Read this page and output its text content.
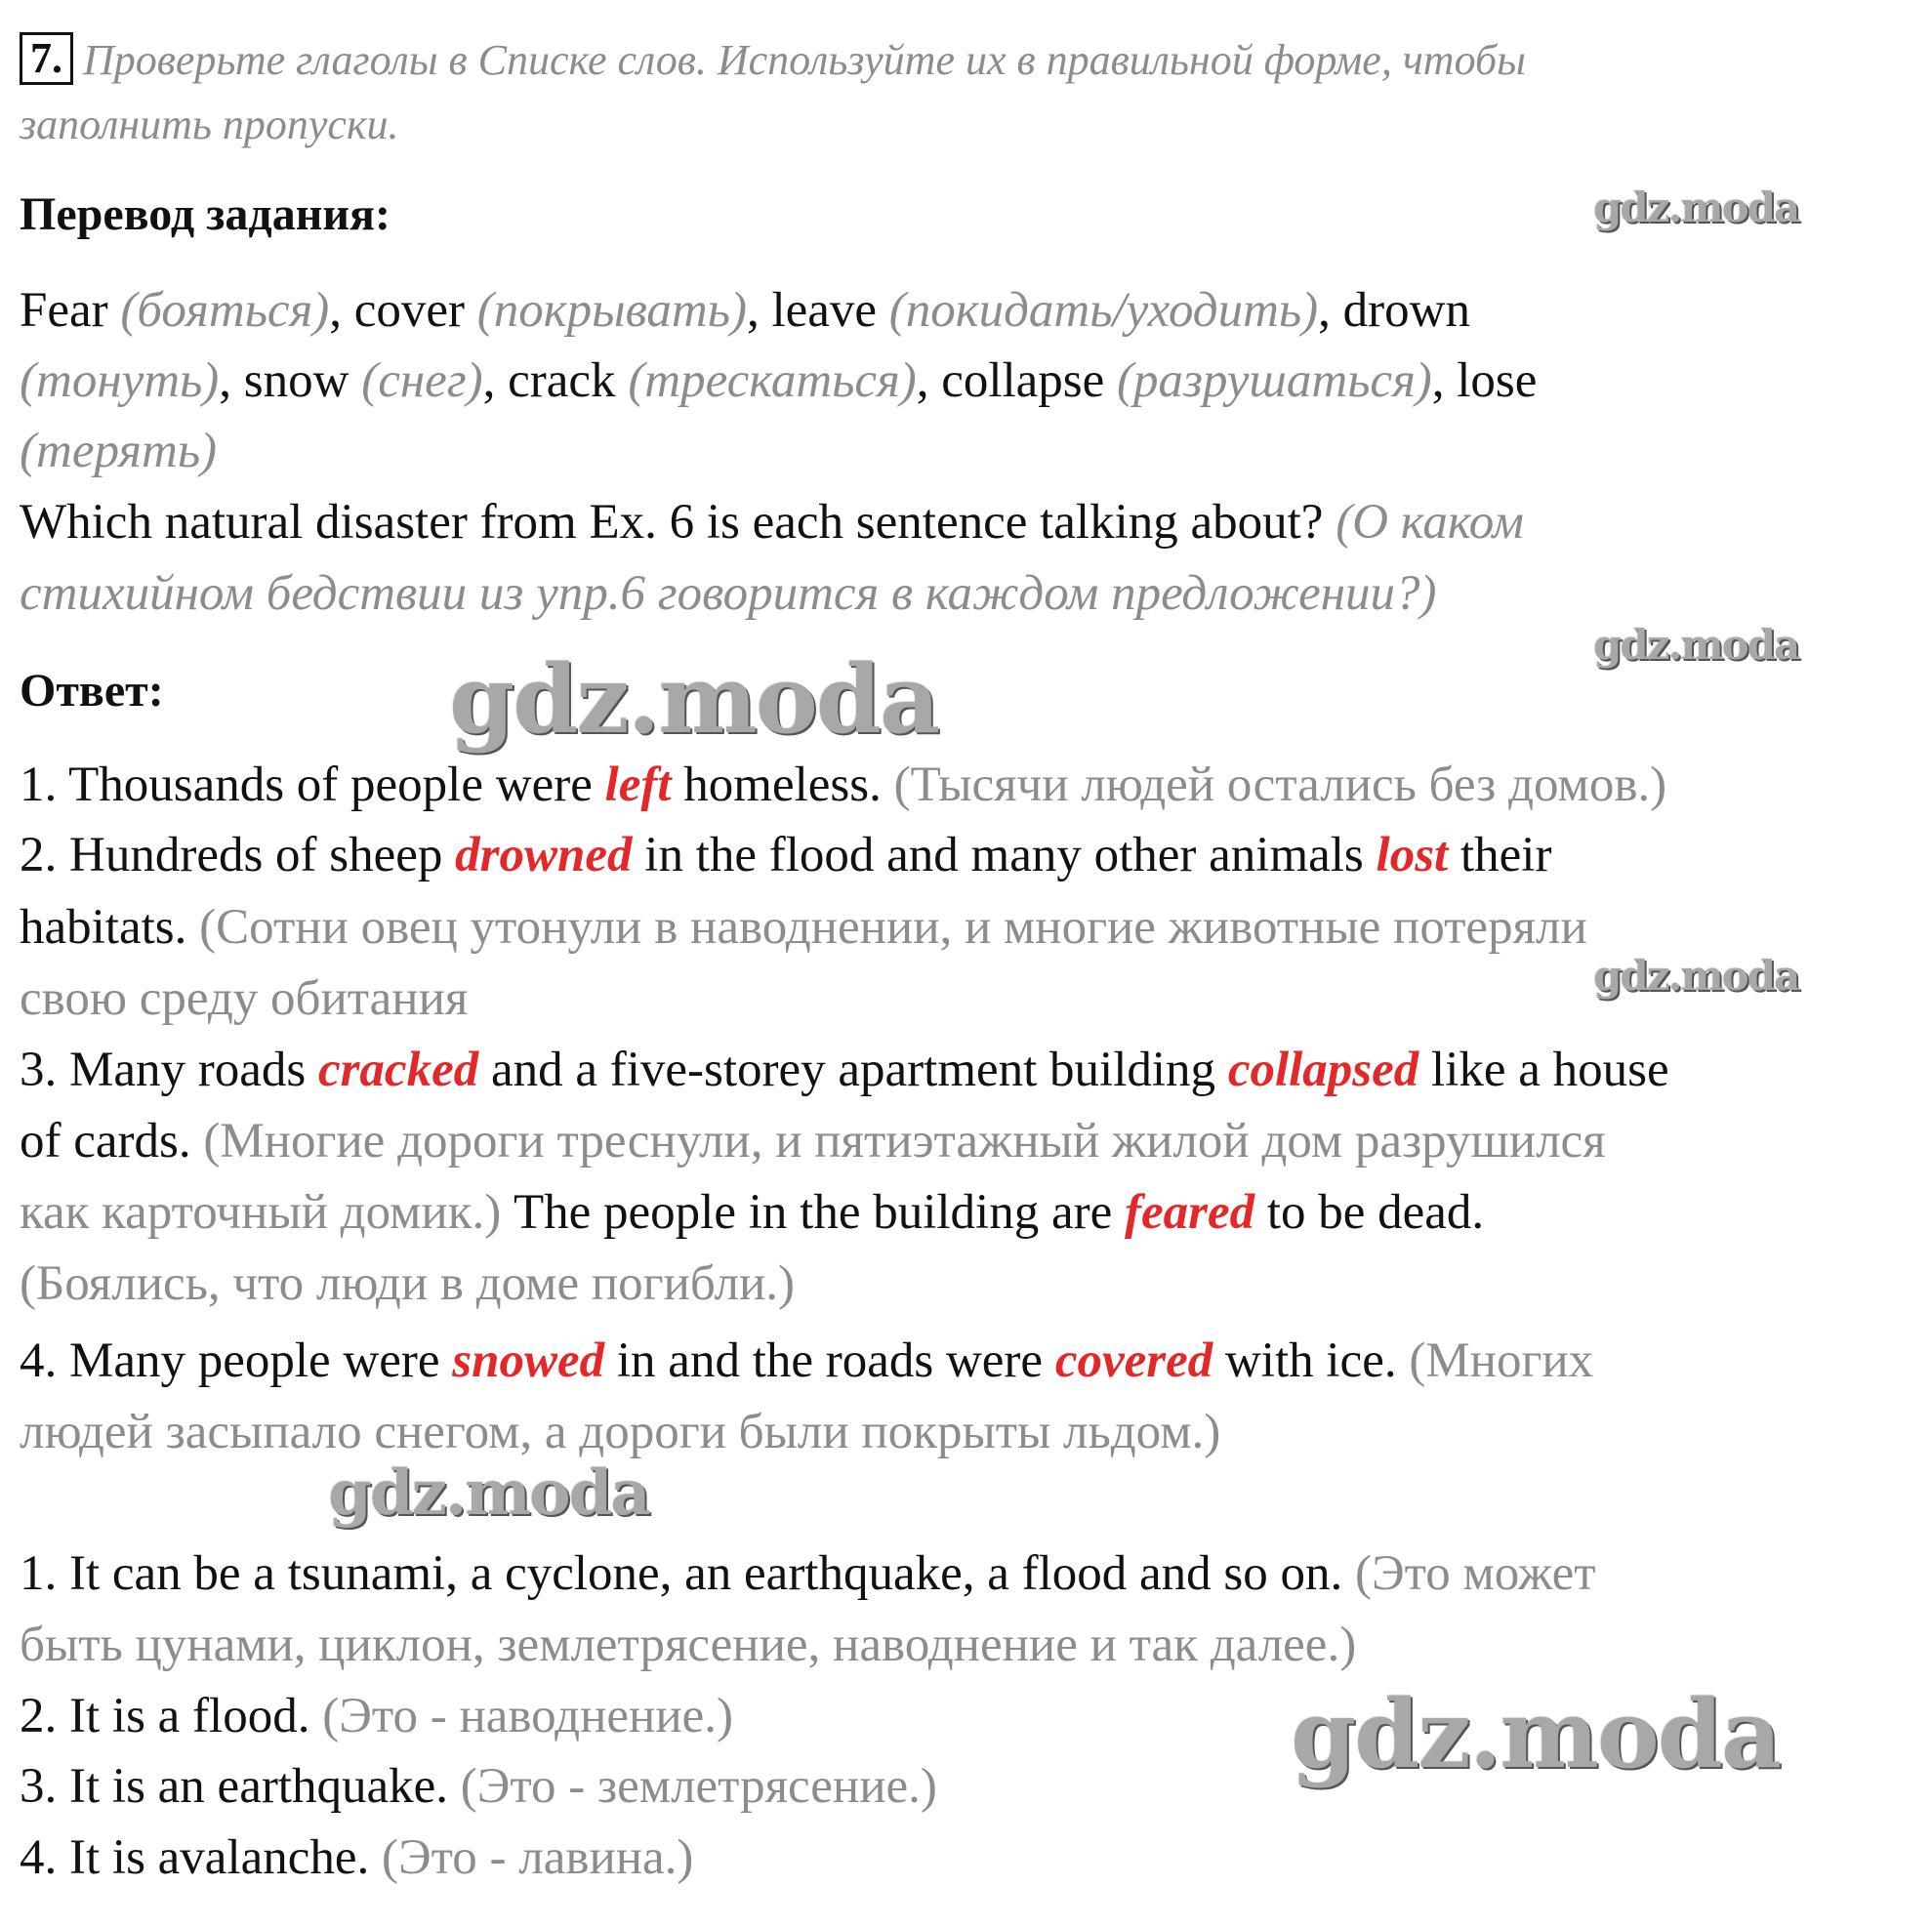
7. Проверьте глаголы в Списке слов. Используйте их в правильной форме, чтобы
заполнить пропуски.
Перевод задания:
Fear (бояться), cover (покрывать), leave (покидать/уходить), drown
(тонуть), snow (снег), crack (трескаться), collapse (разрушаться), lose
(терять)
Which natural disaster from Ex. 6 is each sentence talking about? (О каком
стихийном бедствии из упр.6 говорится в каждом предложении?)
Ответ:
1. Thousands of people were left homeless. (Тысячи людей остались без домов.)
2. Hundreds of sheep drowned in the flood and many other animals lost their
habitats. (Сотни овец утонули в наводнении, и многие животные потеряли
свою среду обитания
3. Many roads cracked and a five-storey apartment building collapsed like a house
of cards. (Многие дороги треснули, и пятиэтажный жилой дом разрушился
как карточный домик.) The people in the building are feared to be dead.
(Боялись, что люди в доме погибли.)
4. Many people were snowed in and the roads were covered with ice. (Многих
людей засыпало снегом, а дороги были покрыты льдом.)
1. It can be a tsunami, a cyclone, an earthquake, a flood and so on. (Это может
быть цунами, циклон, землетрясение, наводнение и так далее.)
2. It is a flood. (Это - наводнение.)
3. It is an earthquake. (Это - землетрясение.)
4. It is avalanche. (Это - лавина.)
gdz.moda
gdz.moda
gdz.moda
gdz.moda
gdz.moda
gdz.moda
